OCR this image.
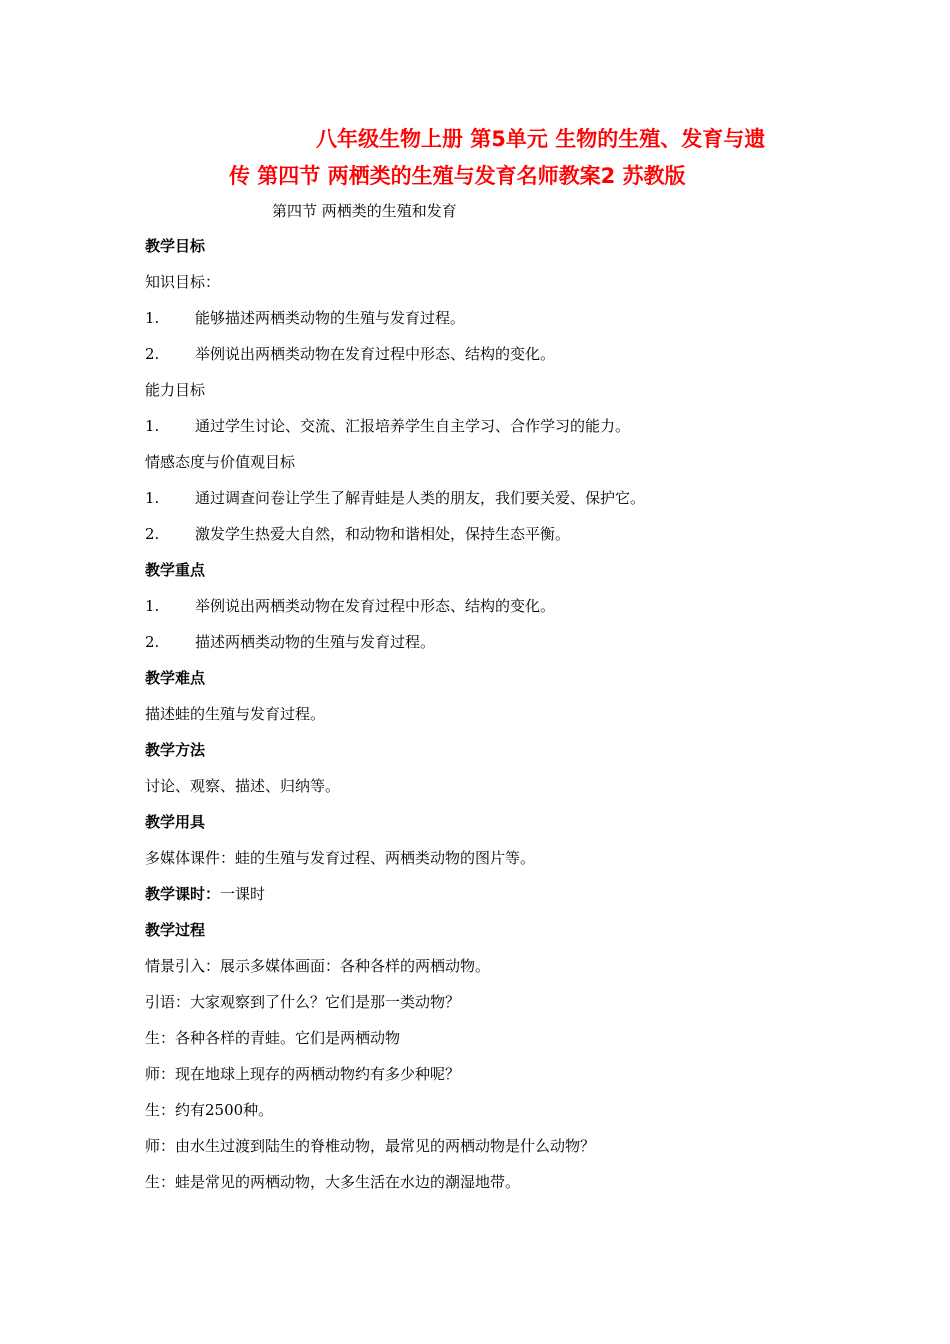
八年级生物上册 第5单元 生物的生殖、发育与遗
传 第四节 两栖类的生殖与发育名师教案2 苏教版
第四节 两栖类的生殖和发育
教学目标
知识目标：
1. 能够描述两栖类动物的生殖与发育过程。
2. 举例说出两栖类动物在发育过程中形态、结构的变化。
能力目标
1. 通过学生讨论、交流、汇报培养学生自主学习、合作学习的能力。
情感态度与价值观目标
1. 通过调查问卷让学生了解青蛙是人类的朋友，我们要关爱、保护它。
2. 激发学生热爱大自然，和动物和谐相处，保持生态平衡。
教学重点
1. 举例说出两栖类动物在发育过程中形态、结构的变化。
2. 描述两栖类动物的生殖与发育过程。
教学难点
描述蛙的生殖与发育过程。
教学方法
讨论、观察、描述、归纳等。
教学用具
多媒体课件：蛙的生殖与发育过程、两栖类动物的图片等。
教学课时：一课时
教学过程
情景引入：展示多媒体画面：各种各样的两栖动物。
引语：大家观察到了什么？它们是那一类动物？
生：各种各样的青蛙。它们是两栖动物
师：现在地球上现存的两栖动物约有多少种呢？
生：约有2500种。
师：由水生过渡到陆生的脊椎动物，最常见的两栖动物是什么动物？
生：蛙是常见的两栖动物，大多生活在水边的潮湿地带。
